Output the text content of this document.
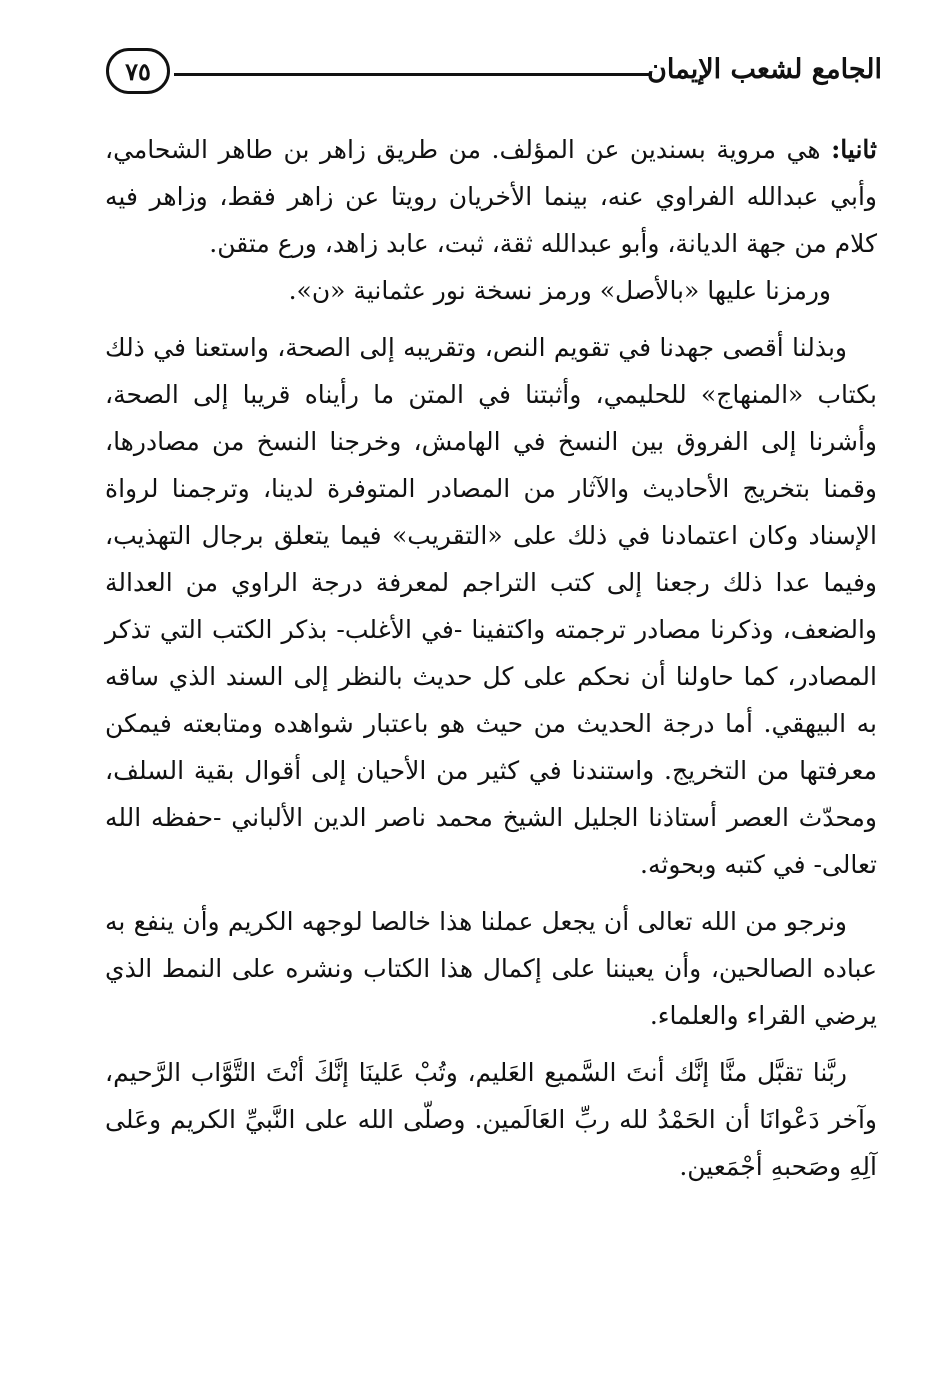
الجامع لشعب الإيمان
٧٥

ثانيا: هي مروية بسندين عن المؤلف. من طريق زاهر بن طاهر الشحامي، وأبي عبدالله الفراوي عنه، بينما الأخريان رويتا عن زاهر فقط، وزاهر فيه كلام من جهة الديانة، وأبو عبدالله ثقة، ثبت، عابد زاهد، ورع متقن.

ورمزنا عليها «بالأصل» ورمز نسخة نور عثمانية «ن».

وبذلنا أقصى جهدنا في تقويم النص، وتقريبه إلى الصحة، واستعنا في ذلك بكتاب «المنهاج» للحليمي، وأثبتنا في المتن ما رأيناه قريبا إلى الصحة، وأشرنا إلى الفروق بين النسخ في الهامش، وخرجنا النسخ من مصادرها، وقمنا بتخريج الأحاديث والآثار من المصادر المتوفرة لدينا، وترجمنا لرواة الإسناد وكان اعتمادنا في ذلك على «التقريب» فيما يتعلق برجال التهذيب، وفيما عدا ذلك رجعنا إلى كتب التراجم لمعرفة درجة الراوي من العدالة والضعف، وذكرنا مصادر ترجمته واكتفينا -في الأغلب- بذكر الكتب التي تذكر المصادر، كما حاولنا أن نحكم على كل حديث بالنظر إلى السند الذي ساقه به البيهقي. أما درجة الحديث من حيث هو باعتبار شواهده ومتابعته فيمكن معرفتها من التخريج. واستندنا في كثير من الأحيان إلى أقوال بقية السلف، ومحدّث العصر أستاذنا الجليل الشيخ محمد ناصر الدين الألباني -حفظه الله تعالى- في كتبه وبحوثه.

ونرجو من الله تعالى أن يجعل عملنا هذا خالصا لوجهه الكريم وأن ينفع به عباده الصالحين، وأن يعيننا على إكمال هذا الكتاب ونشره على النمط الذي يرضي القراء والعلماء.

ربَّنا تقبَّل منَّا إنَّك أنتَ السَّميع العَليم، وتُبْ عَلينَا إنَّكَ أنْتَ التَّوَّاب الرَّحيم، وآخر دَعْوانَا أن الحَمْدُ لله ربِّ العَالَمين. وصلّى الله على النَّبيِّ الكريم وعَلى آلِهِ وصَحبهِ أجْمَعين.
